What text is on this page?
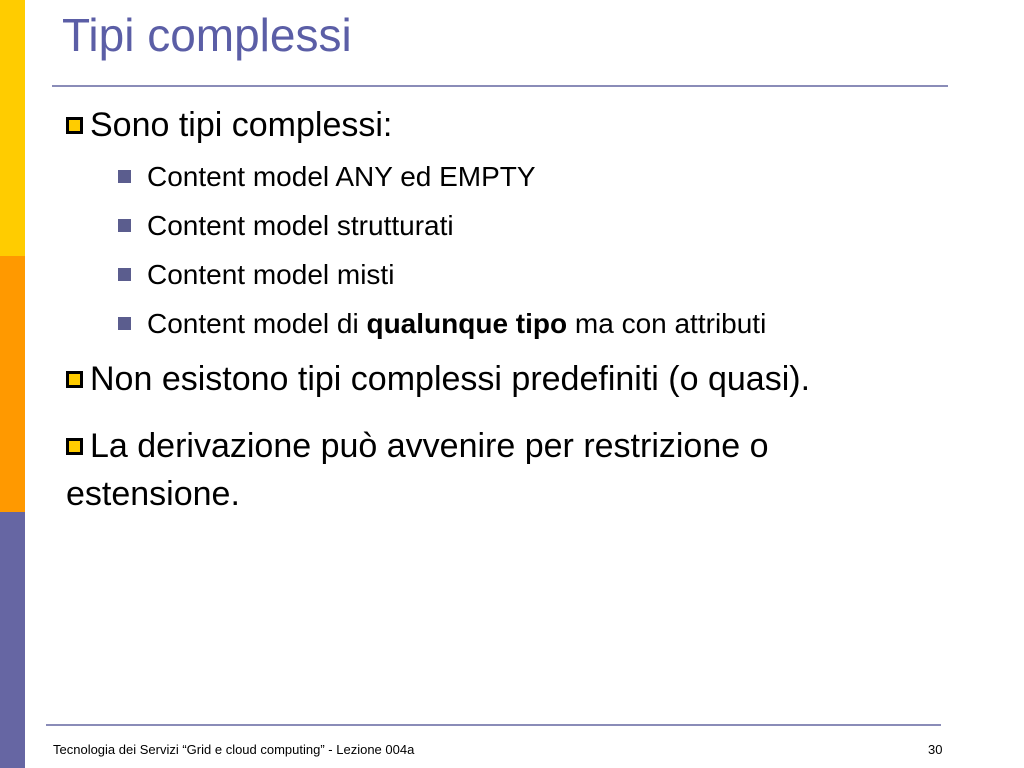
Tipi complessi
Sono tipi complessi:
Content model ANY ed EMPTY
Content model strutturati
Content model misti
Content model di qualunque tipo ma con attributi
Non esistono tipi complessi predefiniti (o quasi).
La derivazione può avvenire per restrizione o estensione.
Tecnologia dei Servizi “Grid e cloud computing” - Lezione 004a	30
